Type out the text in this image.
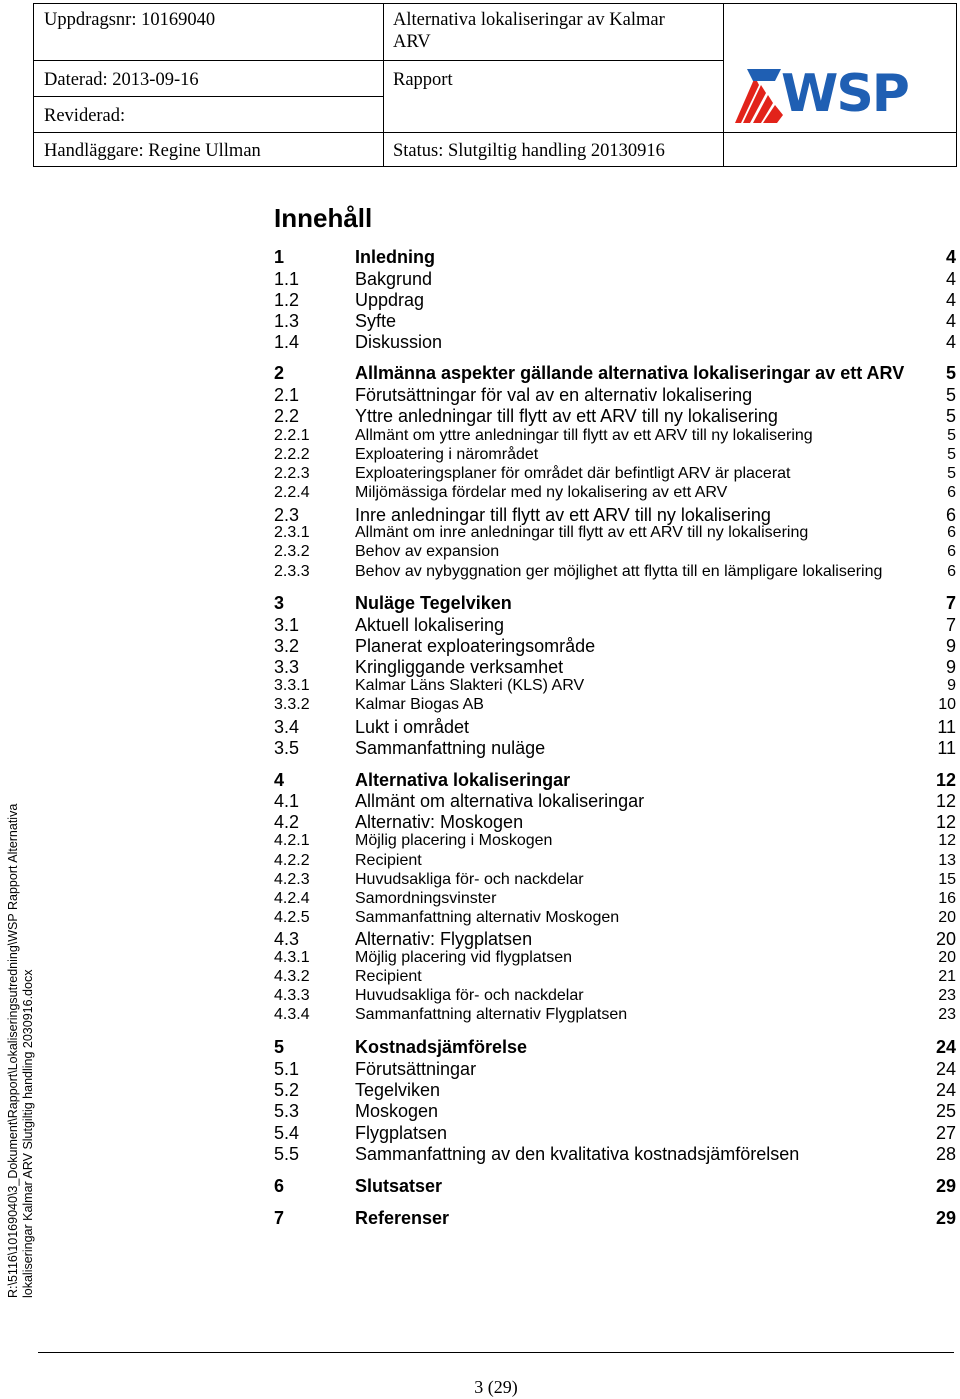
Uppdragsnr: 10169040	Alternativa lokaliseringar av Kalmar ARV
Daterad: 2013-09-16	Rapport
Reviderad:
Handläggare: Regine Ullman	Status: Slutgiltig handling 20130916
WSP
Innehåll
1	Inledning	4
1.1	Bakgrund	4
1.2	Uppdrag	4
1.3	Syfte	4
1.4	Diskussion	4
2	Allmänna aspekter gällande alternativa lokaliseringar av ett ARV 5
2.1	Förutsättningar för val av en alternativ lokalisering	5
2.2	Yttre anledningar till flytt av ett ARV till ny lokalisering	5
2.2.1	Allmänt om yttre anledningar till flytt av ett ARV till ny lokalisering	5
2.2.2	Exploatering i närområdet	5
2.2.3	Exploateringsplaner för området där befintligt ARV är placerat	5
2.2.4	Miljömässiga fördelar med ny lokalisering av ett ARV	6
2.3	Inre anledningar till flytt av ett ARV till ny lokalisering	6
2.3.1	Allmänt om inre anledningar till flytt av ett ARV till ny lokalisering	6
2.3.2	Behov av expansion	6
2.3.3	Behov av nybyggnation ger möjlighet att flytta till en lämpligare lokalisering	6
3	Nuläge Tegelviken	7
3.1	Aktuell lokalisering	7
3.2	Planerat exploateringsområde	9
3.3	Kringliggande verksamhet	9
3.3.1	Kalmar Läns Slakteri (KLS) ARV	9
3.3.2	Kalmar Biogas AB	10
3.4	Lukt i området	11
3.5	Sammanfattning nuläge	11
4	Alternativa lokaliseringar	12
4.1	Allmänt om alternativa lokaliseringar	12
4.2	Alternativ: Moskogen	12
4.2.1	Möjlig placering i Moskogen	12
4.2.2	Recipient	13
4.2.3	Huvudsakliga för- och nackdelar	15
4.2.4	Samordningsvinster	16
4.2.5	Sammanfattning alternativ Moskogen	20
4.3	Alternativ: Flygplatsen	20
4.3.1	Möjlig placering vid flygplatsen	20
4.3.2	Recipient	21
4.3.3	Huvudsakliga för- och nackdelar	23
4.3.4	Sammanfattning alternativ Flygplatsen	23
5	Kostnadsjämförelse	24
5.1	Förutsättningar	24
5.2	Tegelviken	24
5.3	Moskogen	25
5.4	Flygplatsen	27
5.5	Sammanfattning av den kvalitativa kostnadsjämförelsen	28
6	Slutsatser	29
7	Referenser	29
R:\5116\10169040\3_Dokument\Rapport\Lokaliseringsutredning\WSP Rapport Alternativa lokaliseringar Kalmar ARV Slutgiltig handling 2030916.docx
3 (29)
